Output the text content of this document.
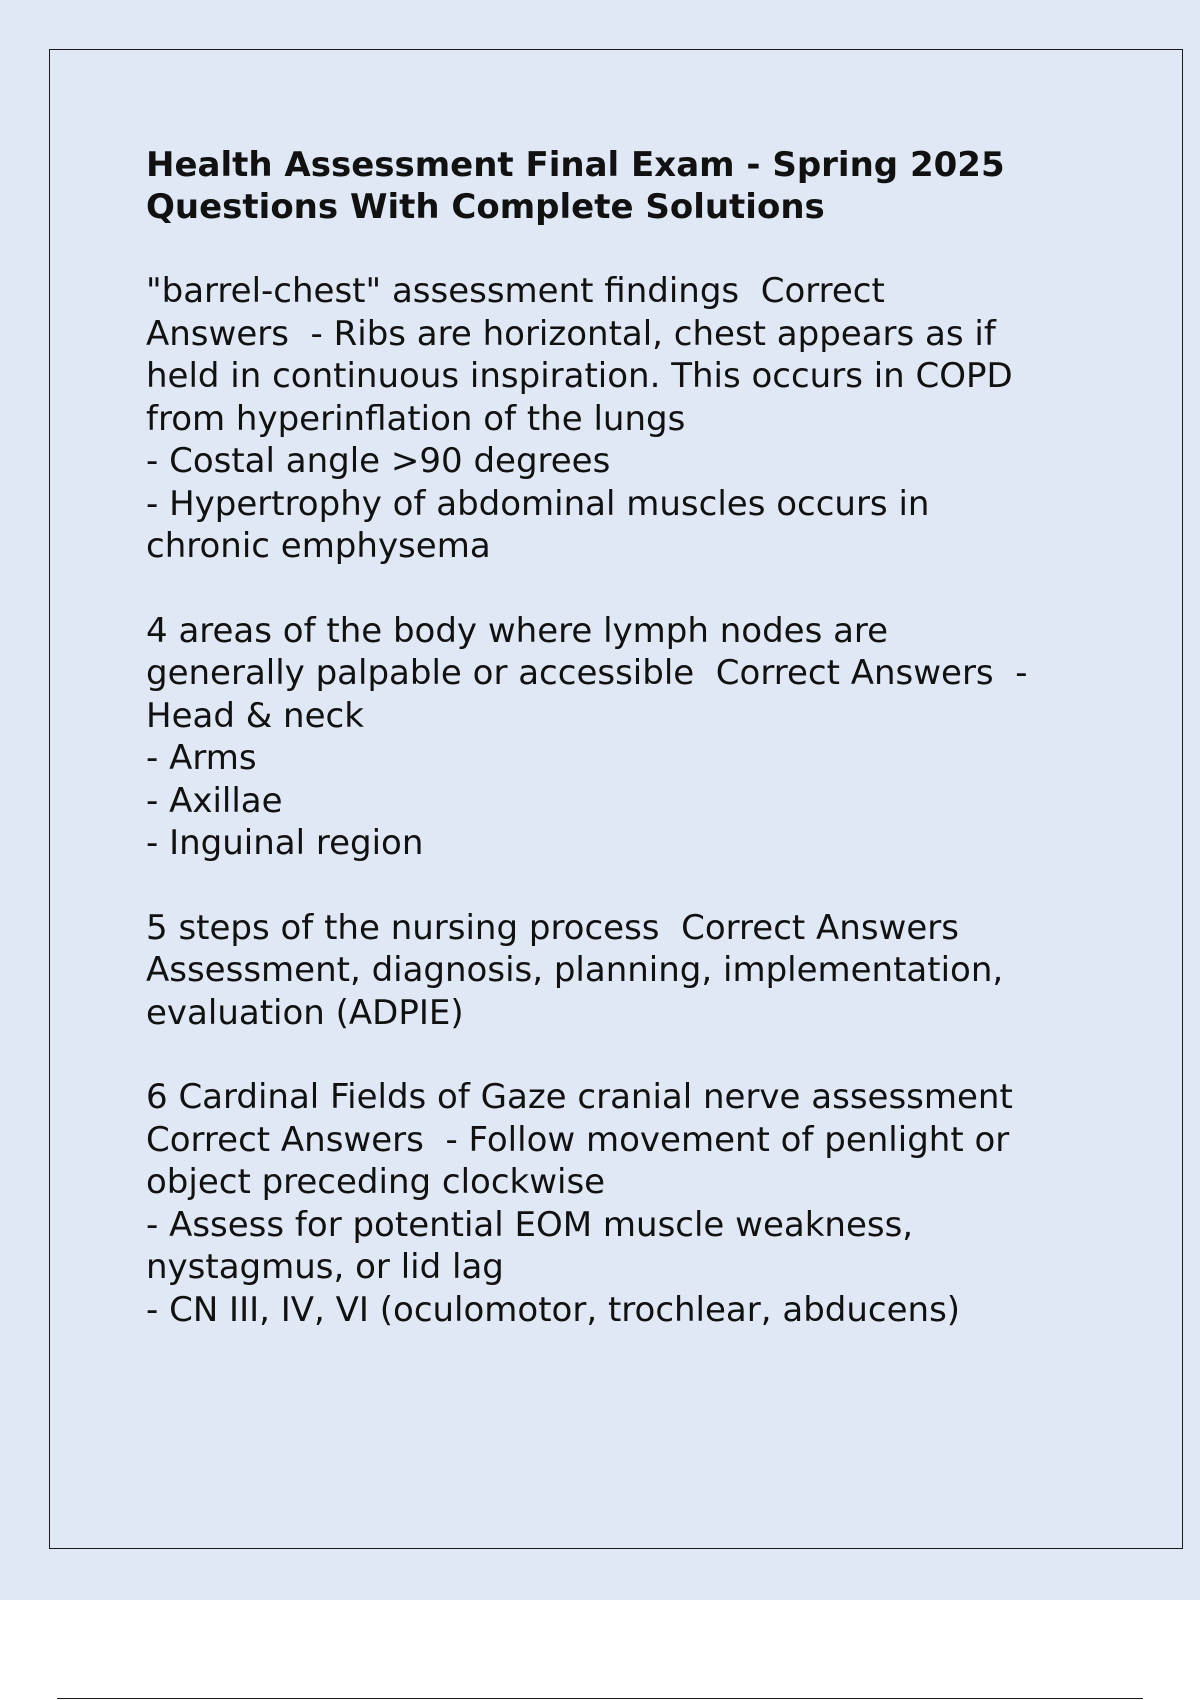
Health Assessment Final Exam - Spring 2025
Questions With Complete Solutions

"barrel-chest" assessment findings  Correct
Answers  - Ribs are horizontal, chest appears as if
held in continuous inspiration. This occurs in COPD
from hyperinflation of the lungs
- Costal angle >90 degrees
- Hypertrophy of abdominal muscles occurs in
chronic emphysema

4 areas of the body where lymph nodes are
generally palpable or accessible  Correct Answers  -
Head & neck
- Arms
- Axillae
- Inguinal region

5 steps of the nursing process  Correct Answers
Assessment, diagnosis, planning, implementation,
evaluation (ADPIE)

6 Cardinal Fields of Gaze cranial nerve assessment
Correct Answers  - Follow movement of penlight or
object preceding clockwise
- Assess for potential EOM muscle weakness,
nystagmus, or lid lag
- CN III, IV, VI (oculomotor, trochlear, abducens)
